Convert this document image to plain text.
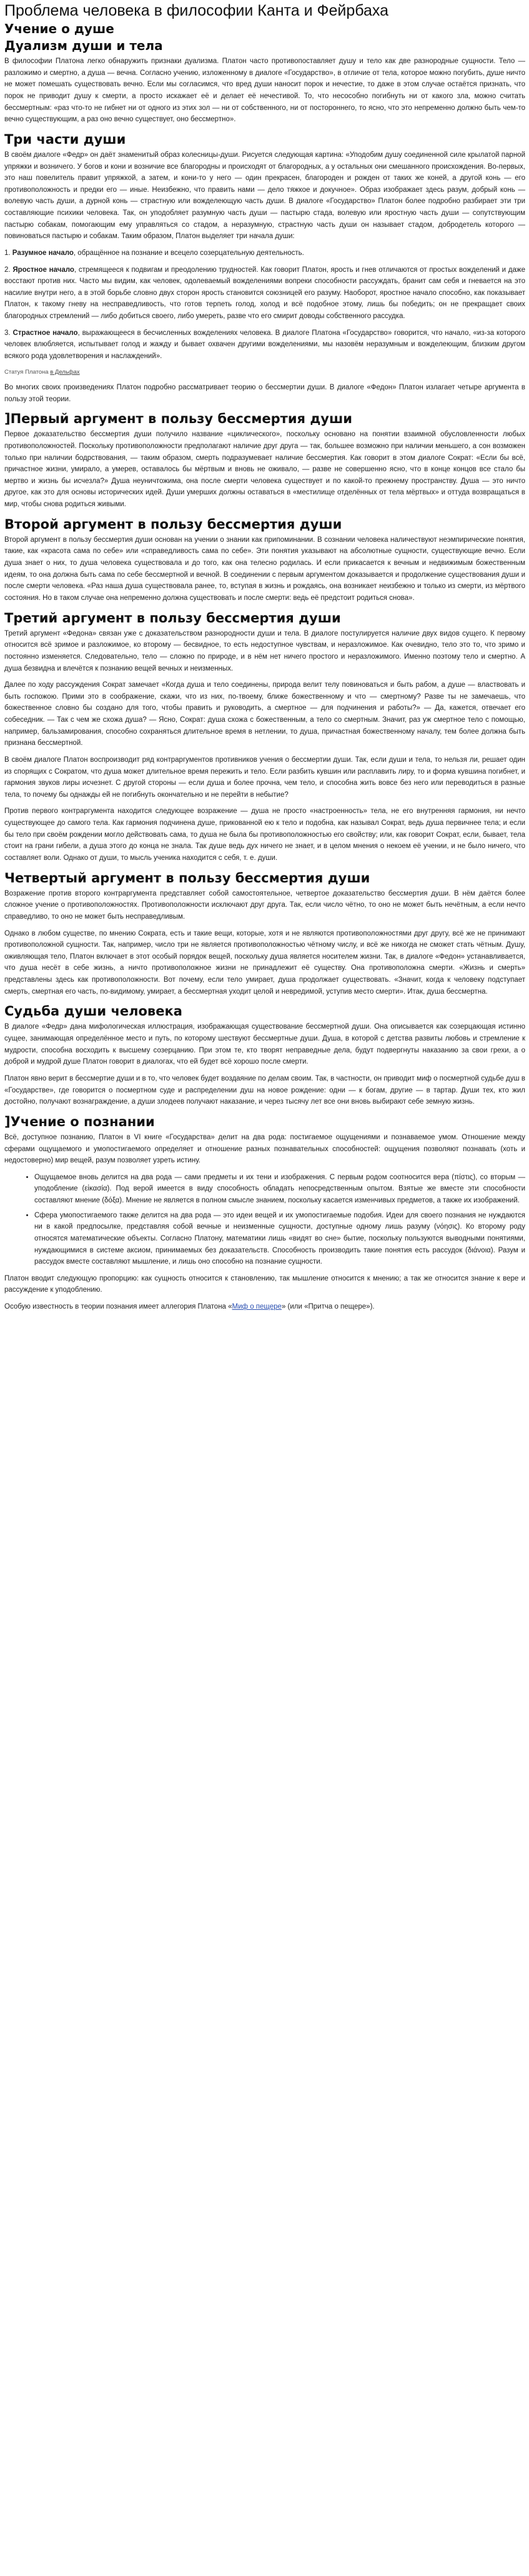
Проблема человека в философии Канта и Фейрбаха
Учение о душе
Дуализм души и тела

В философии Платона легко обнаружить признаки дуализма. Платон часто противопоставляет душу и тело как две разнородные сущности. Тело — разложимо и смертно, а душа — вечна. Согласно учению, изложенному в диалоге «Государство», в отличие от тела, которое можно погубить, душе ничто не может помешать существовать вечно. Если мы согласимся, что вред души наносит порок и нечестие, то даже в этом случае остаётся признать, что порок не приводит душу к смерти, а просто искажает её и делает её нечестивой. То, что несособно погибнуть ни от какого зла, можно считать бессмертным: «раз что-то не гибнет ни от одного из этих зол — ни от собственного, ни от постороннего, то ясно, что это непременно должно быть чем-то вечно существующим, а раз оно вечно существует, оно бессмертно».

Три части души

В своём диалоге «Федр» он даёт знаменитый образ колесницы-души. Рисуется следующая картина: «Уподобим душу соединенной силе крылатой парной упряжки и возничего. У богов и кони и возничие все благородны и происходят от благородных, а у остальных они смешанного происхождения. Во-первых, это наш повелитель правит упряжкой, а затем, и кони-то у него — один прекрасен, благороден и рожден от таких же коней, а другой конь — его противоположность и предки его — иные. Неизбежно, что править нами — дело тяжкое и докучное». Образ изображает здесь разум, добрый конь — волевую часть души, а дурной конь — страстную или вожделеющую часть души. В диалоге «Государство» Платон более подробно разбирает эти три составляющие психики человека. Так, он уподобляет разумную часть души — пастырю стада, волевую или яростную часть души — сопутствующим пастырю собакам, помогающим ему управляться со стадом, а неразумную, страстную часть души он называет стадом, добродетель которого — повиноваться пастырю и собакам. Таким образом, Платон выделяет три начала души:

1. Разумное начало, обращённое на познание и всецело созерцательную деятельность.

2. Яростное начало, стремящееся к подвигам и преодолению трудностей. Как говорит Платон, ярость и гнев отличаются от простых вожделений и даже восстают против них. Часто мы видим, как человек, одолеваемый вожделениями вопреки способности рассуждать, бранит сам себя и гневается на это насилие внутри него, а в этой борьбе словно двух сторон ярость становится союзницей его разуму. Наоборот, яростное начало способно, как показывает Платон, к такому гневу на несправедливость, что готов терпеть голод, холод и всё подобное этому, лишь бы победить; он не прекращает своих благородных стремлений — либо добиться своего, либо умереть, разве что его смирит доводы собственного рассудка.

3. Страстное начало, выражающееся в бесчисленных вожделениях человека. В диалоге Платона «Государство» говорится, что начало, «из-за которого человек влюбляется, испытывает голод и жажду и бывает охвачен другими вожделениями, мы назовём неразумным и вожделеющим, близким другом всякого рода удовлетворения и наслаждений».

Статуя Платона в Дельфах

Во многих своих произведениях Платон подробно рассматривает теорию о бессмертии души. В диалоге «Федон» Платон излагает четыре аргумента в пользу этой теории.

]Первый аргумент в пользу бессмертия души

Первое доказательство бессмертия души получило название «циклического», поскольку основано на понятии взаимной обусловленности любых противоположностей. Поскольку противоположности предполагают наличие друг друга — так, большее возможно при наличии меньшего, а сон возможен только при наличии бодрствования, — таким образом, смерть подразумевает наличие бессмертия. Как говорит в этом диалоге Сократ: «Если бы всё, причастное жизни, умирало, а умерев, оставалось бы мёртвым и вновь не оживало, — разве не совершенно ясно, что в конце концов все стало бы мертво и жизнь бы исчезла?» Душа неуничтожима, она после смерти человека существует и по какой-то прежнему пространству. Душа — это ничто другое, как это для основы исторических идей. Души умерших должны оставаться в «местилищe отделённых от тела мёртвых» и оттуда возвращаться в мир, чтобы снова родиться живыми.

Второй аргумент в пользу бессмертия души

Второй аргумент в пользу бессмертия души основан на учении о знании как припоминании. В сознании человека наличествуют неэмпирические понятия, такие, как «красота сама по себе» или «справедливость сама по себе». Эти понятия указывают на абсолютные сущности, существующие вечно. Если душа знает о них, то душа человека существовала и до того, как она телесно родилась. И если прикасается к вечным и недвижимым божественным идеям, то она должна быть сама по себе бессмертной и вечной. В соединении с первым аргументом доказывается и продолжение существования души и после смерти человека. «Раз наша душа существовала ранее, то, вступая в жизнь и рождаясь, она возникает неизбежно и только из смерти, из мёртвого состояния. Но в таком случае она непременно должна существовать и после смерти: ведь её предстоит родиться снова».

Третий аргумент в пользу бессмертия души

Третий аргумент «Федона» связан уже с доказательством разнородности души и тела. В диалоге постулируется наличие двух видов сущего. К первому относится всё зримое и разложимое, ко второму — бесвидное, то есть недоступное чувствам, и неразложимое. Как очевидно, тело это то, что зримо и постоянно изменяется. Следовательно, тело — сложно по природе, и в нём нет ничего простого и неразложимого. Именно поэтому тело и смертно. А душа безвидна и влечётся к познанию вещей вечных и неизменных.

Далее по ходу рассуждения Сократ замечает «Когда душа и тело соединены, природа велит телу повиноваться и быть рабом, а душе — властвовать и быть госпожою. Прими это в соображение, скажи, что из них, по-твоему, ближе божественному и что — смертному? Разве ты не замечаешь, что божественное словно бы создано для того, чтобы править и руководить, а смертное — для подчинения и работы?» — Да, кажется, отвечает его собеседник. — Так с чем же схожа душа? — Ясно, Сократ: душа схожа с божественным, а тело со смертным. Значит, раз уж смертное тело с помощью, например, бальзамирования, способно сохраняться длительное время в нетлении, то душа, причастная божественному началу, тем более должна быть признана бессмертной.

В своём диалоге Платон воспроизводит ряд контраргументов противников учения о бессмертии души. Так, если души и тела, то нельзя ли, решает один из спорящих с Сократом, что душа может длительное время пережить и тело. Если разбить кувшин или расплавить лиру, то и форма кувшина погибнет, и гармония звуков лиры исчезнет. С другой стороны — если душа и более прочна, чем тело, и способна жить вовсе без него или переводиться в разные тела, то почему бы однажды ей не погибнуть окончательно и не перейти в небытие?

Против первого контраргумента находится следующее возражение — душа не просто «настроенность» тела, не его внутренняя гармония, ни нечто существующее до самого тела. Как гармония подчинена душе, прикованной ею к тело и подобна, как называл Сократ, ведь душа первичнее тела; и если бы тело при своём рождении могло действовать сама, то душа не была бы противоположностью его свойству; или, как говорит Сократ, если, бывает, тела стоит на грани гибели, а душа этого до конца не знала. Так душе ведь дух ничего не знает, и в целом мнения о некоем её учении, и не было ничего, что составляет воли. Однако от души, то мысль ученика находится с себя, т. е. души.

Четвертый аргумент в пользу бессмертия души

Возражение против второго контраргумента представляет собой самостоятельное, четвертое доказательство бессмертия души. В нём даётся более сложное учение о противоположностях. Противоположности исключают друг друга. Так, если число чётно, то оно не может быть нечётным, а если нечто справедливо, то оно не может быть несправедливым.

Однако в любом существе, по мнению Сократа, есть и такие вещи, которые, хотя и не являются противоположностями друг другу, всё же не принимают противоположной сущности. Так, например, число три не является противоположностью чётному числу, и всё же никогда не сможет стать чётным. Душу, оживляющая тело, Платон включает в этот особый порядок вещей, поскольку душа является носителем жизни. Так, в диалоге «Федон» устанавливается, что душа несёт в себе жизнь, а ничто противоположное жизни не принадлежит её существу. Она противоположна смерти. «Жизнь и смерть» представлены здесь как противоположности. Вот почему, если тело умирает, душа продолжает существовать. «Значит, когда к человеку подступает смерть, смертная его часть, по-видимому, умирает, а бессмертная уходит целой и невредимой, уступив место смерти». Итак, душа бессмертна.

Судьба души человека

В диалоге «Федр» дана мифологическая иллюстрация, изображающая существование бессмертной души. Она описывается как созерцающая истинно сущее, занимающая определённое место и путь, по которому шествуют бессмертные души. Душа, в которой с детства развиты любовь и стремление к мудрости, способна восходить к высшему созерцанию. При этом те, кто творят неправедные дела, будут подвергнуты наказанию за свои грехи, а о доброй и мудрой душе Платон говорит в диалогах, что ей будет всё хорошо после смерти.

Платон явно верит в бессмертие души и в то, что человек будет воздаяние по делам своим. Так, в частности, он приводит миф о посмертной судьбе душ в «Государстве», где говорится о посмертном суде и распределении душ на новое рождение: одни — к богам, другие — в тартар. Души тех, кто жил достойно, получают вознаграждение, а души злодеев получают наказание, и через тысячу лет все они вновь выбирают себе земную жизнь.

]Учение о познании

Всё, доступное познанию, Платон в VI книге «Государства» делит на два рода: постигаемое ощущениями и познаваемое умом. Отношение между сферами ощущаемого и умопостигаемого определяет и отношение разных познавательных способностей: ощущения позволяют познавать (хоть и недостоверно) мир вещей, разум позволяет узреть истину.

• Ощущаемое вновь делится на два рода — сами предметы и их тени и изображения. С первым родом соотносится вера (πίστις), со вторым — уподобление (εἰκασία). Под верой имеется в виду способность обладать непосредственным опытом. Взятые же вместе эти способности составляют мнение (δόξα). Мнение не является в полном смысле знанием, поскольку касается изменчивых предметов, а также их изображений.
• Сфера умопостигаемого также делится на два рода — это идеи вещей и их умопостигаемые подобия. Идеи для своего познания не нуждаются ни в какой предпосылке, представляя собой вечные и неизменные сущности, доступные одному лишь разуму (νόησις). Ко второму роду относятся математические объекты. Согласно Платону, математики лишь «видят во сне» бытие, поскольку пользуются выводными понятиями, нуждающимися в системе аксиом, принимаемых без доказательств. Способность производить такие понятия есть рассудок (διάνοια). Разум и рассудок вместе составляют мышление, и лишь оно способно на познание сущности.

Платон вводит следующую пропорцию: как сущность относится к становлению, так мышление относится к мнению; а так же относится знание к вере и рассуждение к уподоблению.

Особую известность в теории познания имеет аллегория Платона «Миф о пещере» (или «Притча о пещере»).
